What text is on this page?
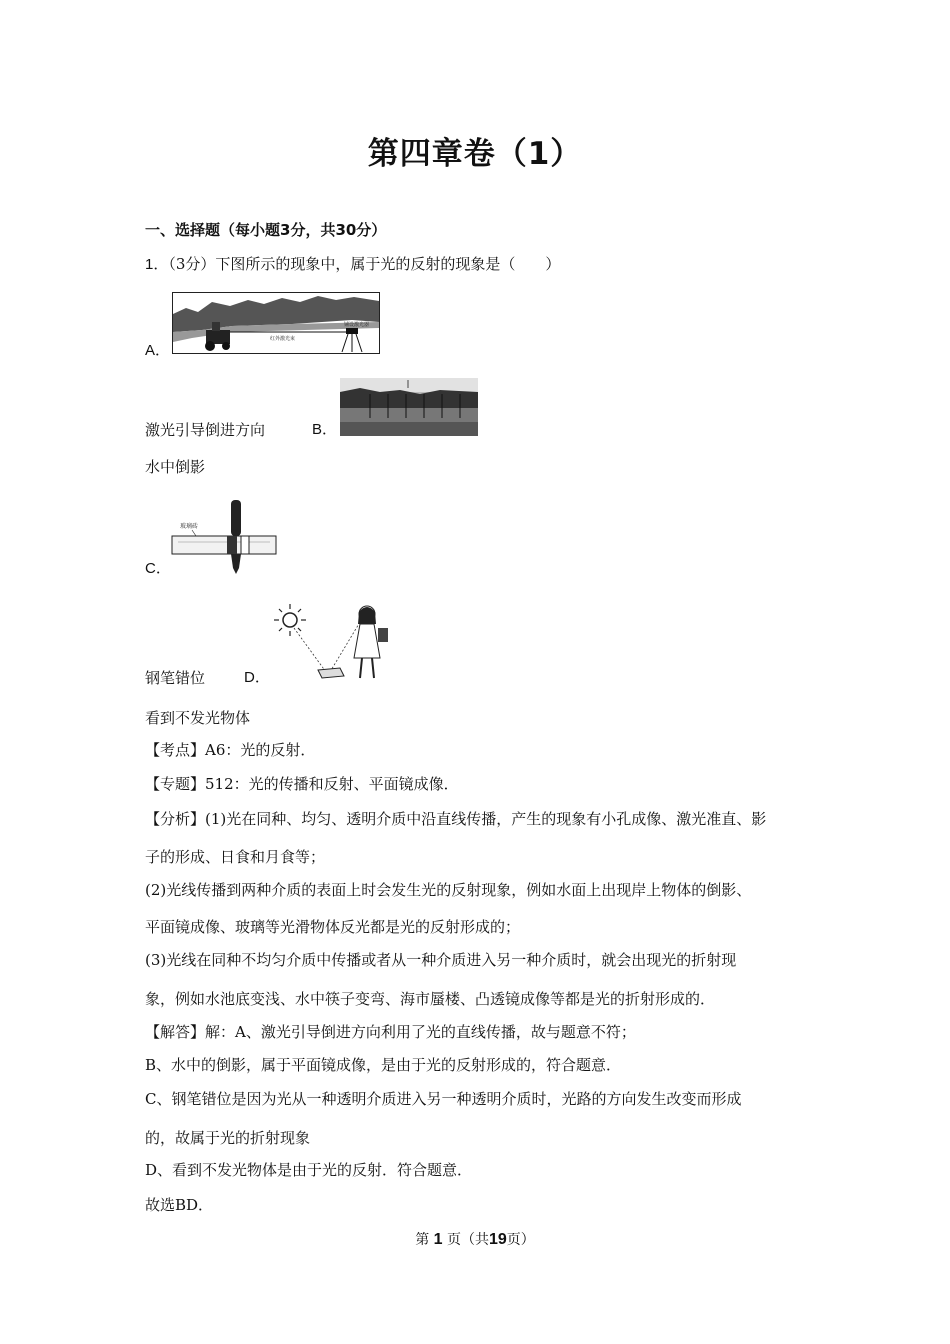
第四章卷（1）
一、选择题（每小题3分，共30分）
1．（3分）下图所示的现象中，属于光的反射的现象是（　　）
红外激光束
铺设激光器
A．
激光引导倒进方向	B．
水中倒影
玻璃砖
C．
钢笔错位	D．
看到不发光物体
【考点】A6：光的反射．
【专题】512：光的传播和反射、平面镜成像．
【分析】(1)光在同种、均匀、透明介质中沿直线传播，产生的现象有小孔成像、激光准直、影
子的形成、日食和月食等；
(2)光线传播到两种介质的表面上时会发生光的反射现象，例如水面上出现岸上物体的倒影、
平面镜成像、玻璃等光滑物体反光都是光的反射形成的；
(3)光线在同种不均匀介质中传播或者从一种介质进入另一种介质时，就会出现光的折射现
象，例如水池底变浅、水中筷子变弯、海市蜃楼、凸透镜成像等都是光的折射形成的．
【解答】解：A、激光引导倒进方向利用了光的直线传播，故与题意不符；
B、水中的倒影，属于平面镜成像，是由于光的反射形成的，符合题意．
C、钢笔错位是因为光从一种透明介质进入另一种透明介质时，光路的方向发生改变而形成
的，故属于光的折射现象
D、看到不发光物体是由于光的反射．符合题意．
故选BD．
第 1 页（共19页）
